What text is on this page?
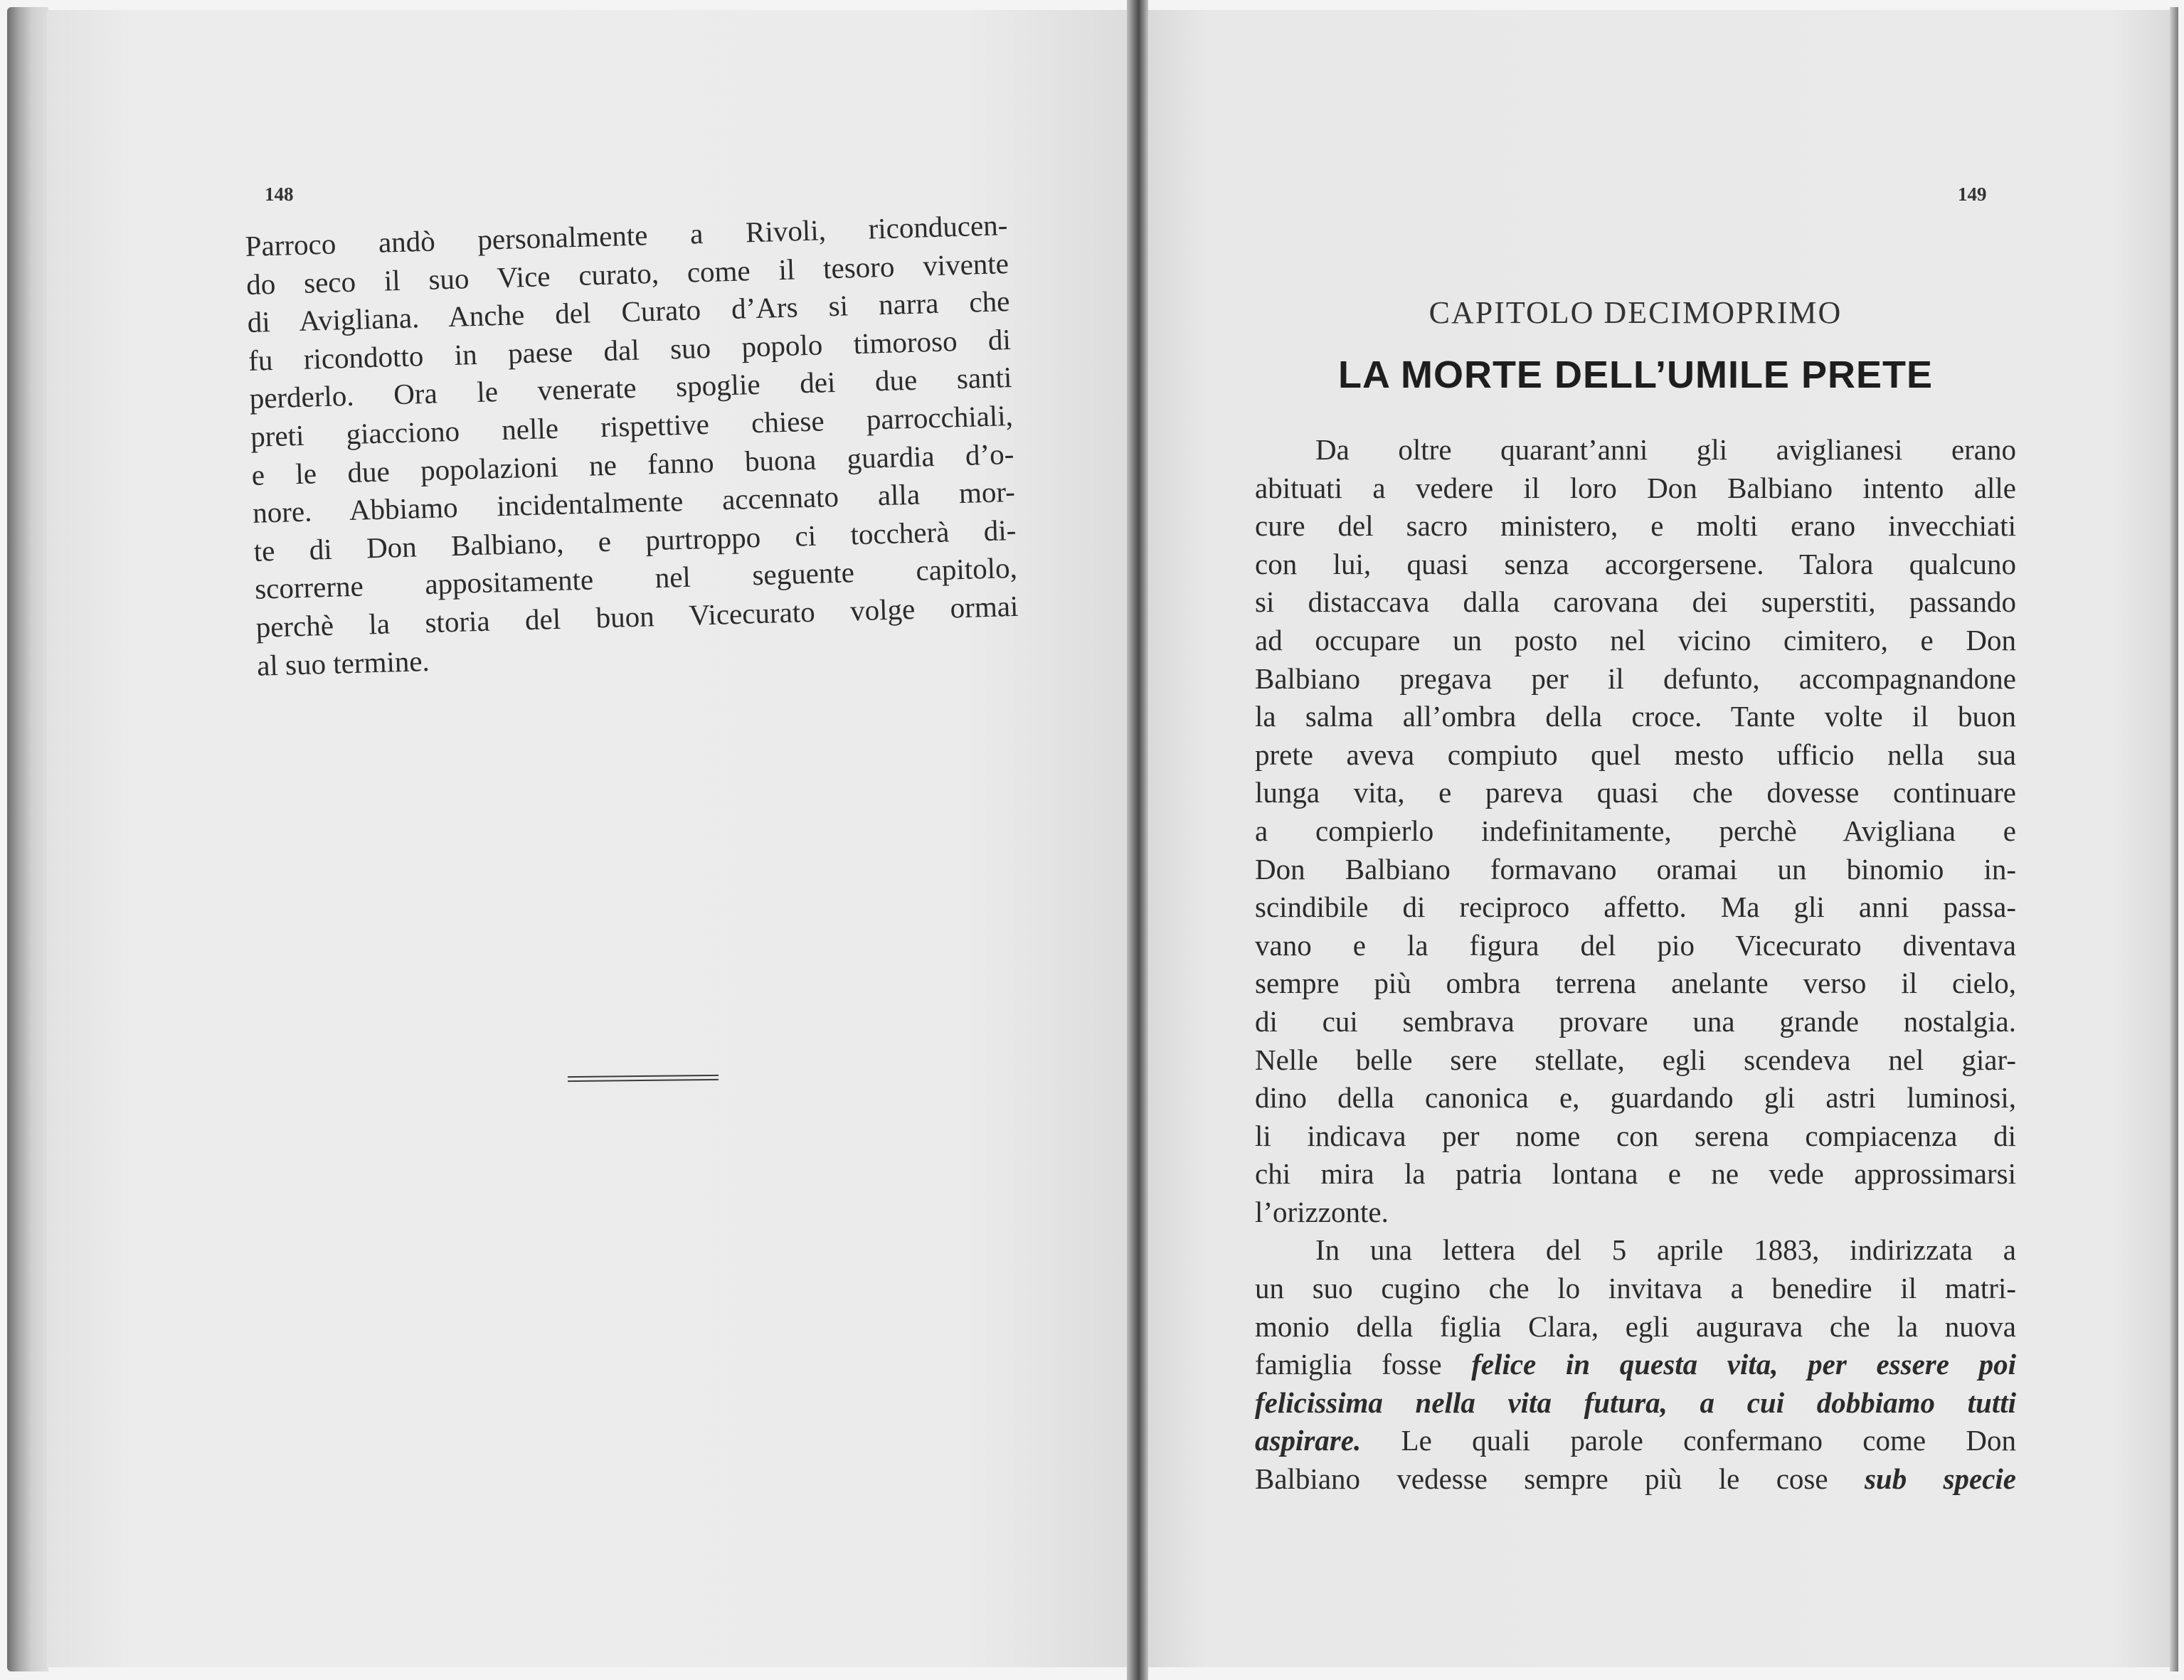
148
Parroco andò personalmente a Rivoli, riconducen-
do seco il suo Vice curato, come il tesoro vivente
di Avigliana. Anche del Curato d’Ars si narra che
fu ricondotto in paese dal suo popolo timoroso di
perderlo. Ora le venerate spoglie dei due santi
preti giacciono nelle rispettive chiese parrocchiali,
e le due popolazioni ne fanno buona guardia d’o-
nore. Abbiamo incidentalmente accennato alla mor-
te di Don Balbiano, e purtroppo ci toccherà di-
scorrerne appositamente nel seguente capitolo,
perchè la storia del buon Vicecurato volge ormai
al suo termine.
149
CAPITOLO DECIMOPRIMO
LA MORTE DELL’UMILE PRETE
Da oltre quarant’anni gli aviglianesi erano
abituati a vedere il loro Don Balbiano intento alle
cure del sacro ministero, e molti erano invecchiati
con lui, quasi senza accorgersene. Talora qualcuno
si distaccava dalla carovana dei superstiti, passando
ad occupare un posto nel vicino cimitero, e Don
Balbiano pregava per il defunto, accompagnandone
la salma all’ombra della croce. Tante volte il buon
prete aveva compiuto quel mesto ufficio nella sua
lunga vita, e pareva quasi che dovesse continuare
a compierlo indefinitamente, perchè Avigliana e
Don Balbiano formavano oramai un binomio in-
scindibile di reciproco affetto. Ma gli anni passa-
vano e la figura del pio Vicecurato diventava
sempre più ombra terrena anelante verso il cielo,
di cui sembrava provare una grande nostalgia.
Nelle belle sere stellate, egli scendeva nel giar-
dino della canonica e, guardando gli astri luminosi,
li indicava per nome con serena compiacenza di
chi mira la patria lontana e ne vede approssimarsi
l’orizzonte.
In una lettera del 5 aprile 1883, indirizzata a
un suo cugino che lo invitava a benedire il matri-
monio della figlia Clara, egli augurava che la nuova
famiglia fosse felice in questa vita, per essere poi
felicissima nella vita futura, a cui dobbiamo tutti
aspirare. Le quali parole confermano come Don
Balbiano vedesse sempre più le cose sub specie
